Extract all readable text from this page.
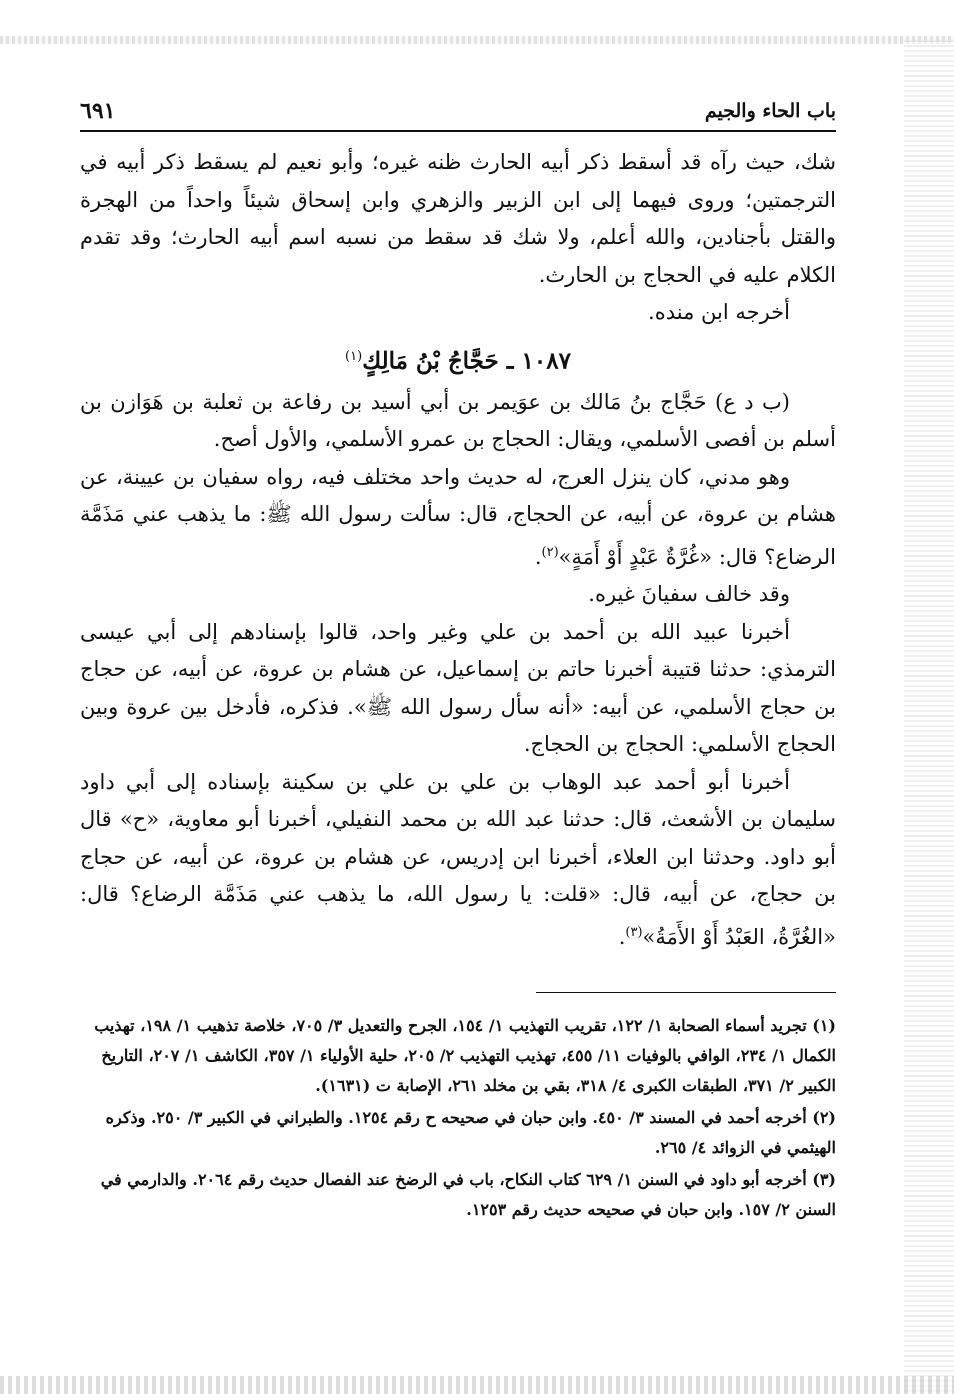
باب الحاء والجيم
٦٩١

شك، حيث رآه قد أسقط ذكر أبيه الحارث ظنه غيره؛ وأبو نعيم لم يسقط ذكر أبيه في الترجمتين؛ وروى فيهما إلى ابن الزبير والزهري وابن إسحاق شيئاً واحداً من الهجرة والقتل بأجنادين، والله أعلم، ولا شك قد سقط من نسبه اسم أبيه الحارث؛ وقد تقدم الكلام عليه في الحجاج بن الحارث.

أخرجه ابن منده.

١٠٨٧ ـ حَجَّاجُ بْنُ مَالِكٍ$^{(١)}$

(ب د ع) حَجَّاج بنُ مَالك بن عوَيمر بن أبي أسيد بن رفاعة بن ثعلبة بن هَوَازن بن أسلم بن أفصى الأسلمي، ويقال: الحجاج بن عمرو الأسلمي، والأول أصح.

وهو مدني، كان ينزل العرج، له حديث واحد مختلف فيه، رواه سفيان بن عيينة، عن هشام بن عروة، عن أبيه، عن الحجاج، قال: سألت رسول الله ﷺ: ما يذهب عني مَذَمَّة الرضاع؟ قال: «غُرَّةٌ عَبْدٍ أَوْ أَمَةٍ»$^{(٢)}$.

وقد خالف سفيانَ غيره.

أخبرنا عبيد الله بن أحمد بن علي وغير واحد، قالوا بإسنادهم إلى أبي عيسى الترمذي: حدثنا قتيبة أخبرنا حاتم بن إسماعيل، عن هشام بن عروة، عن أبيه، عن حجاج بن حجاج الأسلمي، عن أبيه: «أنه سأل رسول الله ﷺ». فذكره، فأدخل بين عروة وبين الحجاج الأسلمي: الحجاج بن الحجاج.

أخبرنا أبو أحمد عبد الوهاب بن علي بن علي بن سكينة بإسناده إلى أبي داود سليمان بن الأشعث، قال: حدثنا عبد الله بن محمد النفيلي، أخبرنا أبو معاوية، «ح» قال أبو داود. وحدثنا ابن العلاء، أخبرنا ابن إدريس، عن هشام بن عروة، عن أبيه، عن حجاج بن حجاج، عن أبيه، قال: «قلت: يا رسول الله، ما يذهب عني مَذَمَّة الرضاع؟ قال: «الغُرَّةُ، العَبْدُ أَوْ الأَمَةُ»$^{(٣)}$.

(١) تجريد أسماء الصحابة ١/ ١٢٢، تقريب التهذيب ١/ ١٥٤، الجرح والتعديل ٣/ ٧٠٥، خلاصة تذهيب ١/ ١٩٨، تهذيب الكمال ١/ ٢٣٤، الوافي بالوفيات ١١/ ٤٥٥، تهذيب التهذيب ٢/ ٢٠٥، حلية الأولياء ١/ ٣٥٧، الكاشف ١/ ٢٠٧، التاريخ الكبير ٢/ ٣٧١، الطبقات الكبرى ٤/ ٣١٨، بقي بن مخلد ٢٦١، الإصابة ت (١٦٣١).

(٢) أخرجه أحمد في المسند ٣/ ٤٥٠. وابن حبان في صحيحه ح رقم ١٢٥٤. والطبراني في الكبير ٣/ ٢٥٠. وذكره الهيثمي في الزوائد ٤/ ٢٦٥.

(٣) أخرجه أبو داود في السنن ١/ ٦٢٩ كتاب النكاح، باب في الرضخ عند الفصال حديث رقم ٢٠٦٤. والدارمي في السنن ٢/ ١٥٧. وابن حبان في صحيحه حديث رقم ١٢٥٣.
